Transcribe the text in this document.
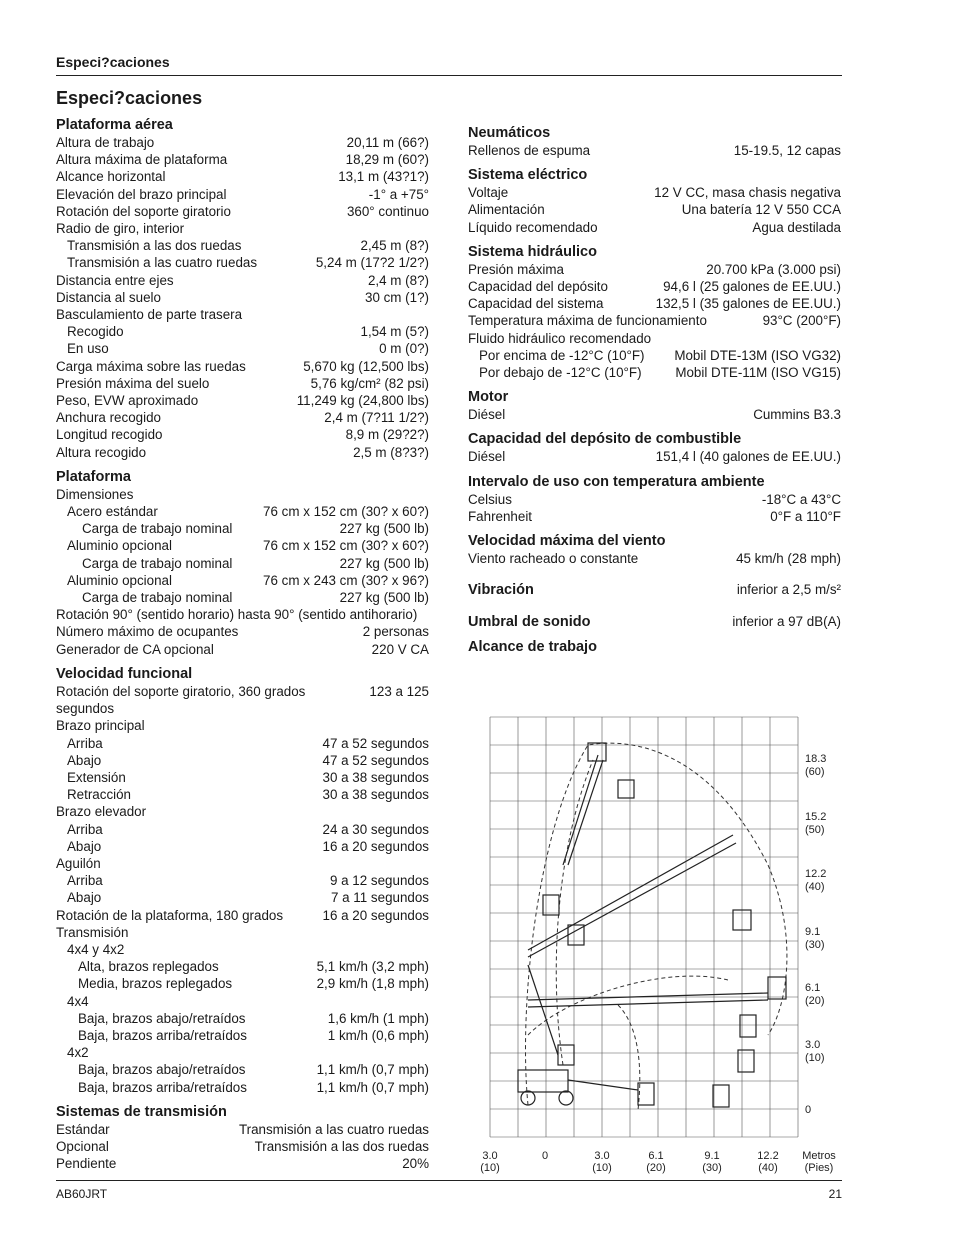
Especi?caciones
Especi?caciones
Plataforma aérea
Altura de trabajo	20,11 m (66?)
Altura máxima de plataforma	18,29 m (60?)
Alcance horizontal	13,1 m (43?1?)
Elevación del brazo principal	-1° a +75°
Rotación del soporte giratorio	360° continuo
Radio de giro, interior
Transmisión a las dos ruedas	2,45 m (8?)
Transmisión a las cuatro ruedas	5,24 m (17?2 1/2?)
Distancia entre ejes	2,4 m (8?)
Distancia al suelo	30 cm (1?)
Basculamiento de parte trasera
Recogido	1,54 m (5?)
En uso	0 m (0?)
Carga máxima sobre las ruedas	5,670 kg (12,500 lbs)
Presión máxima del suelo	5,76 kg/cm² (82 psi)
Peso, EVW aproximado	11,249 kg (24,800 lbs)
Anchura recogido	2,4 m (7?11 1/2?)
Longitud recogido	8,9 m (29?2?)
Altura recogido	2,5 m (8?3?)
Plataforma
Dimensiones
Acero estándar	76 cm x 152 cm (30? x 60?)
Carga de trabajo nominal	227 kg (500 lb)
Aluminio opcional	76 cm x 152 cm (30? x 60?)
Carga de trabajo nominal	227 kg (500 lb)
Aluminio opcional	76 cm x 243 cm (30? x 96?)
Carga de trabajo nominal	227 kg (500 lb)
Rotación 90° (sentido horario) hasta 90° (sentido antihorario)
Número máximo de ocupantes	2 personas
Generador de CA opcional	220 V CA
Velocidad funcional
Rotación del soporte giratorio, 360 grados segundos
123 a 125
Brazo principal
Arriba	47 a 52 segundos
Abajo	47 a 52 segundos
Extensión	30 a 38 segundos
Retracción	30 a 38 segundos
Brazo elevador
Arriba	24 a 30 segundos
Abajo	16 a 20 segundos
Aguilón
Arriba	9 a 12 segundos
Abajo	7 a 11 segundos
Rotación de la plataforma, 180 grados	16 a 20 segundos
Transmisión
4x4 y 4x2
Alta, brazos replegados	5,1 km/h (3,2 mph)
Media, brazos replegados	2,9 km/h (1,8 mph)
4x4
Baja, brazos abajo/retraídos	1,6 km/h (1 mph)
Baja, brazos arriba/retraídos	1 km/h (0,6 mph)
4x2
Baja, brazos abajo/retraídos	1,1 km/h (0,7 mph)
Baja, brazos arriba/retraídos	1,1 km/h (0,7 mph)
Sistemas de transmisión
Estándar	Transmisión a las cuatro ruedas
Opcional	Transmisión a las dos ruedas
Pendiente	20%
Neumáticos
Rellenos de espuma	15-19.5, 12 capas
Sistema eléctrico
Voltaje	12 V CC, masa chasis negativa
Alimentación	Una batería 12 V 550 CCA
Líquido recomendado	Agua destilada
Sistema hidráulico
Presión máxima	20.700 kPa (3.000 psi)
Capacidad del depósito	94,6 l (25 galones de EE.UU.)
Capacidad del sistema	132,5 l (35 galones de EE.UU.)
Temperatura máxima de funcionamiento	93°C (200°F)
Fluido hidráulico recomendado
Por encima de -12°C (10°F) Mobil DTE-13M (ISO VG32)
Por debajo de -12°C (10°F)	Mobil DTE-11M (ISO VG15)
Motor
Diésel	Cummins B3.3
Capacidad del depósito de combustible
Diésel	151,4 l (40 galones de EE.UU.)
Intervalo de uso con temperatura ambiente
Celsius	-18°C a 43°C
Fahrenheit	0°F a 110°F
Velocidad máxima del viento
Viento racheado o constante	45 km/h (28 mph)
Vibración	inferior a 2,5 m/s²
Umbral de sonido	inferior a 97 dB(A)
Alcance de trabajo
18.3
(60)
15.2
(50)
12.2
(40)
9.1
(30)
6.1
(20)
3.0
(10)
0
3.0
(10)
0	3.0
(10)
6.1
(20)
9.1
(30)
12.2
(40)
Metros
(Pies)
AB60JRT	21
